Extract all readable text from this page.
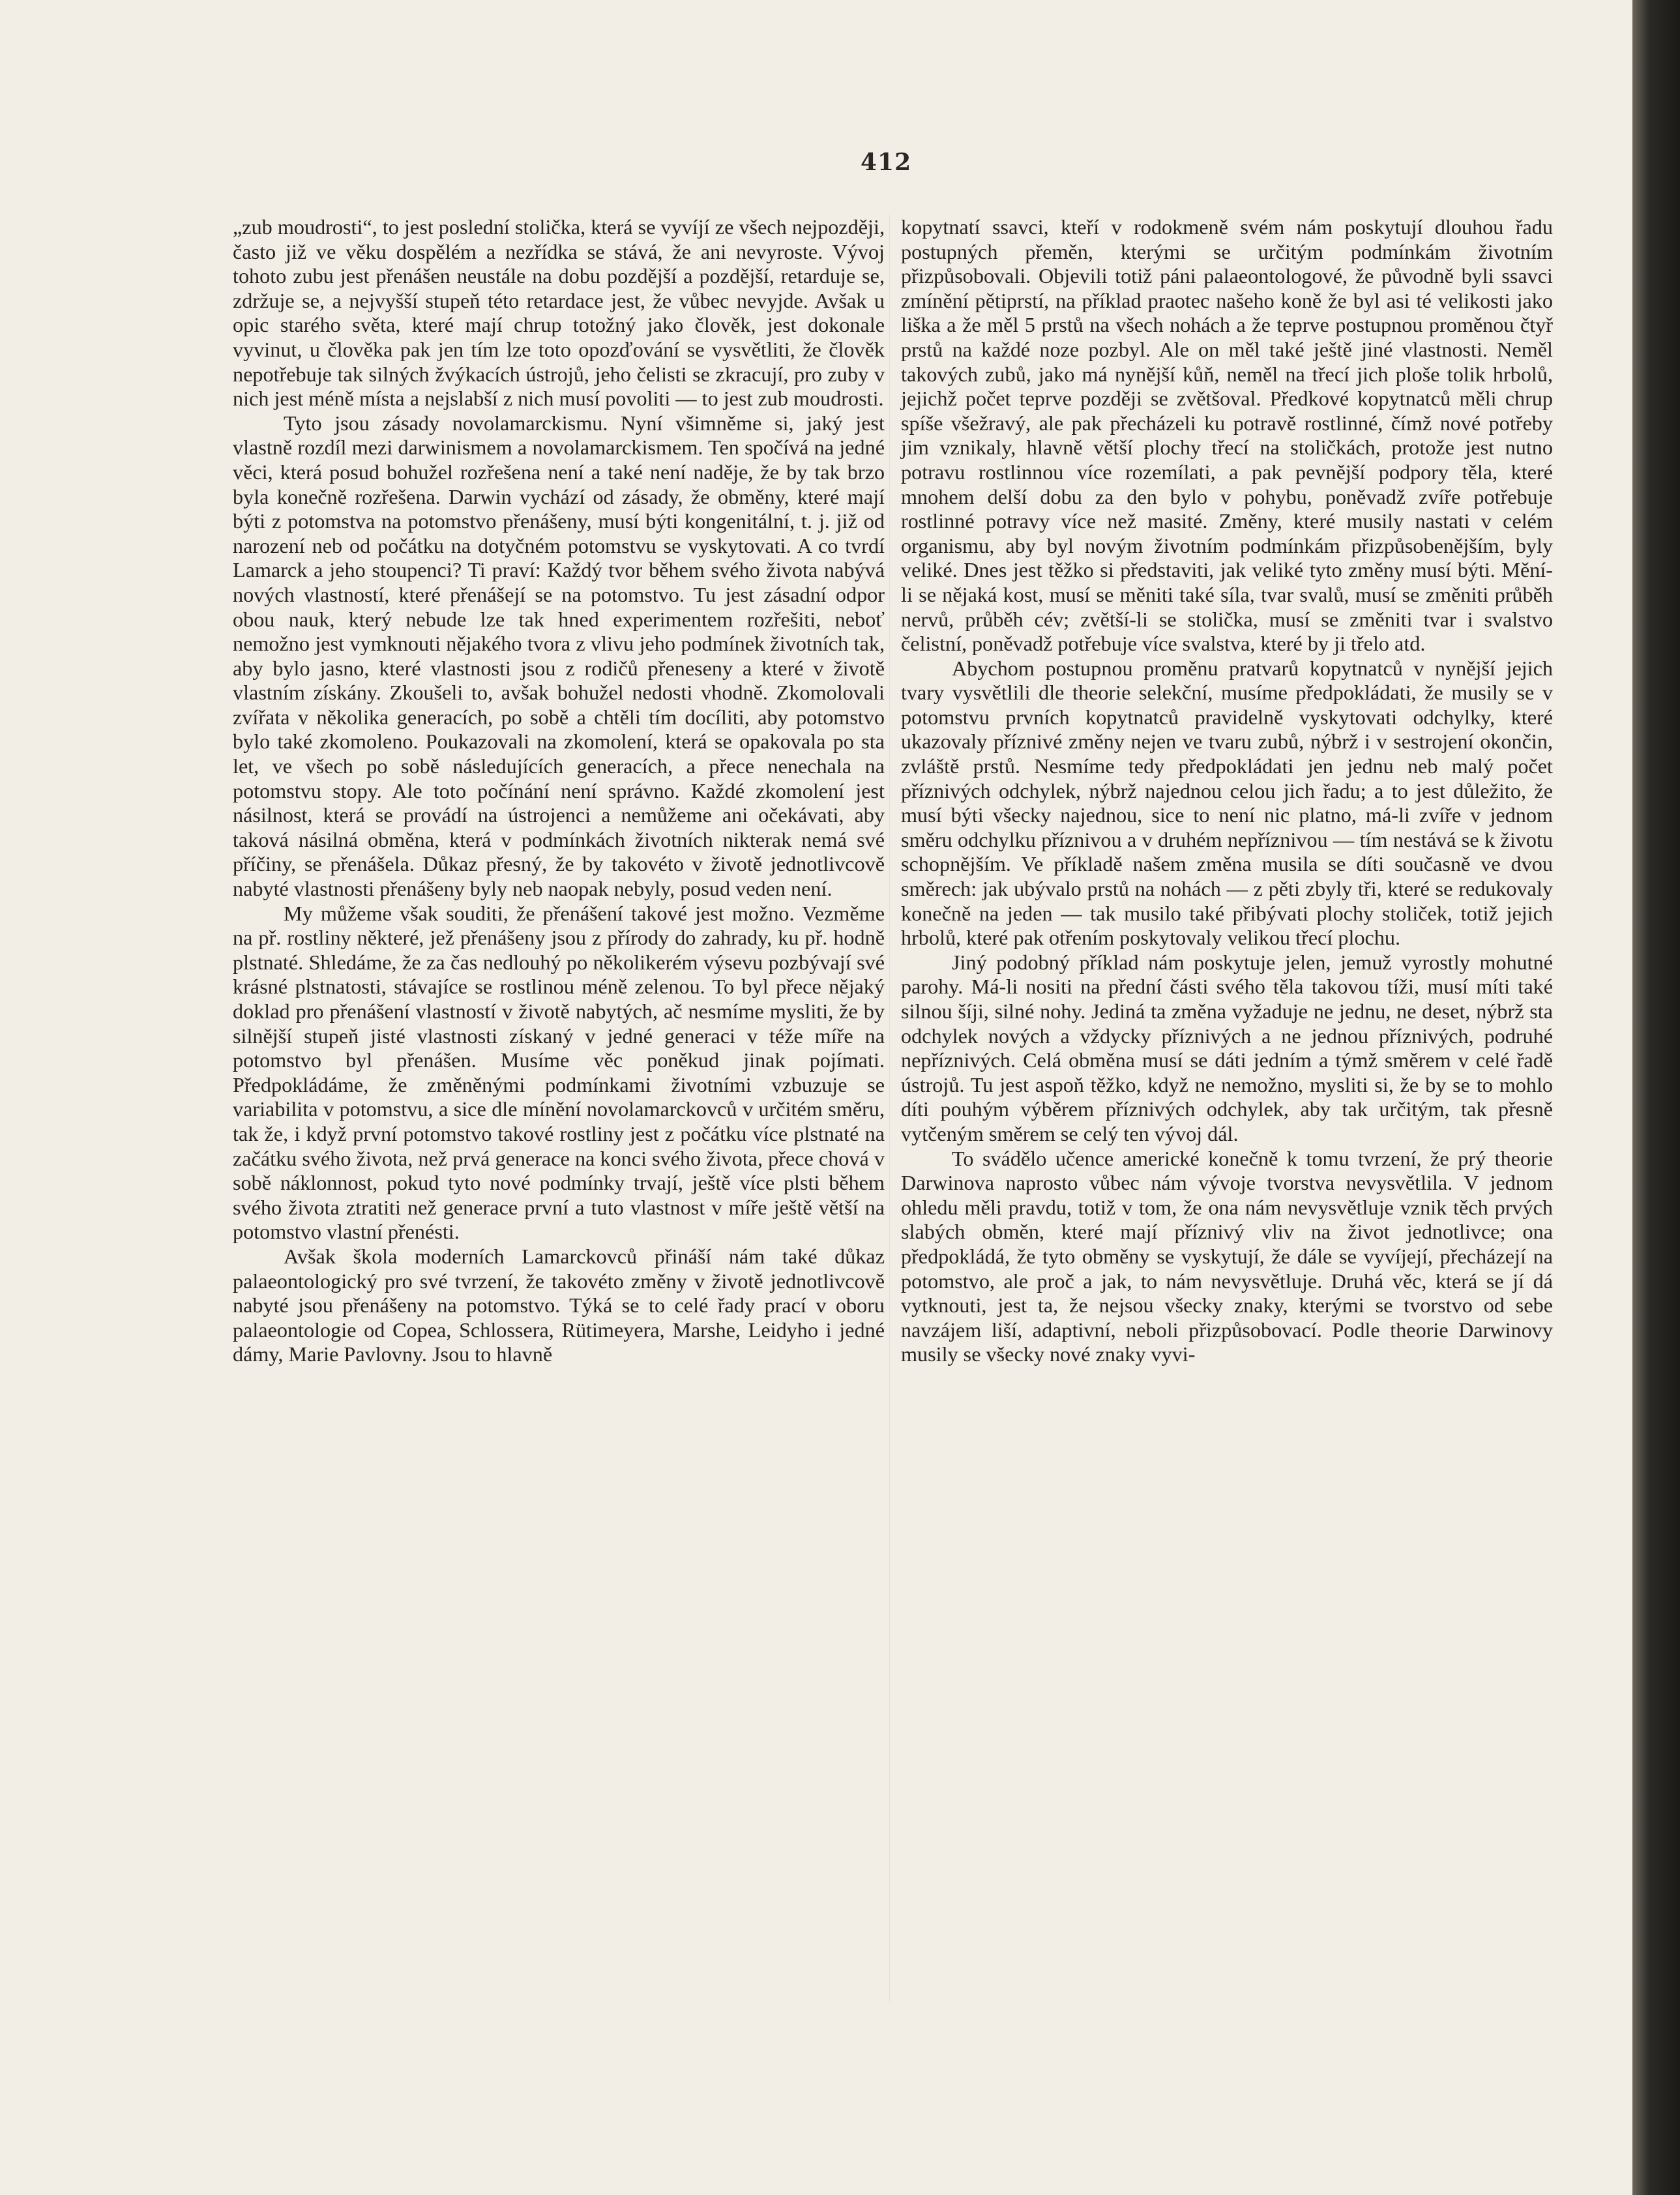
412

„zub moudrosti“, to jest poslední stolička, která se vyvíjí ze všech nejpozději, často již ve věku dospělém a nezřídka se stává, že ani nevyroste. Vývoj tohoto zubu jest přenášen neustále na dobu pozdější a pozdější, retarduje se, zdržuje se, a nejvyšší stupeň této retardace jest, že vůbec nevyjde. Avšak u opic starého světa, které mají chrup totožný jako člověk, jest dokonale vyvinut, u člověka pak jen tím lze toto opozďování se vysvětliti, že člověk nepotřebuje tak silných žvýkacích ústrojů, jeho čelisti se zkracují, pro zuby v nich jest méně místa a nejslabší z nich musí povoliti — to jest zub moudrosti.

Tyto jsou zásady novolamarckismu. Nyní všimněme si, jaký jest vlastně rozdíl mezi darwinismem a novolamarckismem. Ten spočívá na jedné věci, která posud bohužel rozřešena není a také není naděje, že by tak brzo byla konečně rozřešena. Darwin vychází od zásady, že obměny, které mají býti z potomstva na potomstvo přenášeny, musí býti kongenitální, t. j. již od narození neb od počátku na dotyčném potomstvu se vyskytovati. A co tvrdí Lamarck a jeho stoupenci? Ti praví: Každý tvor během svého života nabývá nových vlastností, které přenášejí se na potomstvo. Tu jest zásadní odpor obou nauk, který nebude lze tak hned experimentem rozřešiti, neboť nemožno jest vymknouti nějakého tvora z vlivu jeho podmínek životních tak, aby bylo jasno, které vlastnosti jsou z rodičů přeneseny a které v životě vlastním získány. Zkoušeli to, avšak bohužel nedosti vhodně. Zkomolovali zvířata v několika generacích, po sobě a chtěli tím docíliti, aby potomstvo bylo také zkomoleno. Poukazovali na zkomolení, která se opakovala po sta let, ve všech po sobě následujících generacích, a přece nenechala na potomstvu stopy. Ale toto počínání není správno. Každé zkomolení jest násilnost, která se provádí na ústrojenci a nemůžeme ani očekávati, aby taková násilná obměna, která v podmínkách životních nikterak nemá své příčiny, se přenášela. Důkaz přesný, že by takovéto v životě jednotlivcově nabyté vlastnosti přenášeny byly neb naopak nebyly, posud veden není.

My můžeme však souditi, že přenášení takové jest možno. Vezměme na př. rostliny některé, jež přenášeny jsou z přírody do zahrady, ku př. hodně plstnaté. Shledáme, že za čas nedlouhý po několikerém výsevu pozbývají své krásné plstnatosti, stávajíce se rostlinou méně zelenou. To byl přece nějaký doklad pro přenášení vlastností v životě nabytých, ač nesmíme mysliti, že by silnější stupeň jisté vlastnosti získaný v jedné generaci v téže míře na potomstvo byl přenášen. Musíme věc poněkud jinak pojímati. Předpokládáme, že změněnými podmínkami životními vzbuzuje se variabilita v potomstvu, a sice dle mínění novolamarckovců v určitém směru, tak že, i když první potomstvo takové rostliny jest z počátku více plstnaté na začátku svého života, než prvá generace na konci svého života, přece chová v sobě náklonnost, pokud tyto nové podmínky trvají, ještě více plsti během svého života ztratiti než generace první a tuto vlastnost v míře ještě větší na potomstvo vlastní přenésti.

Avšak škola moderních Lamarckovců přináší nám také důkaz palaeontologický pro své tvrzení, že takovéto změny v životě jednotlivcově nabyté jsou přenášeny na potomstvo. Týká se to celé řady prací v oboru palaeontologie od Copea, Schlossera, Rütimeyera, Marshe, Leidyho i jedné dámy, Marie Pavlovny. Jsou to hlavně

kopytnatí ssavci, kteří v rodokmeně svém nám poskytují dlouhou řadu postupných přeměn, kterými se určitým podmínkám životním přizpůsobovali. Objevili totiž páni palaeontologové, že původně byli ssavci zmínění pětiprstí, na příklad praotec našeho koně že byl asi té velikosti jako liška a že měl 5 prstů na všech nohách a že teprve postupnou proměnou čtyř prstů na každé noze pozbyl. Ale on měl také ještě jiné vlastnosti. Neměl takových zubů, jako má nynější kůň, neměl na třecí jich ploše tolik hrbolů, jejichž počet teprve později se zvětšoval. Předkové kopytnatců měli chrup spíše všežravý, ale pak přecházeli ku potravě rostlinné, čímž nové potřeby jim vznikaly, hlavně větší plochy třecí na stoličkách, protože jest nutno potravu rostlinnou více rozemílati, a pak pevnější podpory těla, které mnohem delší dobu za den bylo v pohybu, poněvadž zvíře potřebuje rostlinné potravy více než masité. Změny, které musily nastati v celém organismu, aby byl novým životním podmínkám přizpůsobenějším, byly veliké. Dnes jest těžko si představiti, jak veliké tyto změny musí býti. Mění-li se nějaká kost, musí se měniti také síla, tvar svalů, musí se změniti průběh nervů, průběh cév; zvětší-li se stolička, musí se změniti tvar i svalstvo čelistní, poněvadž potřebuje více svalstva, které by ji třelo atd.

Abychom postupnou proměnu pratvarů kopytnatců v nynější jejich tvary vysvětlili dle theorie selekční, musíme předpokládati, že musily se v potomstvu prvních kopytnatců pravidelně vyskytovati odchylky, které ukazovaly příznivé změny nejen ve tvaru zubů, nýbrž i v sestrojení okončin, zvláště prstů. Nesmíme tedy předpokládati jen jednu neb malý počet příznivých odchylek, nýbrž najednou celou jich řadu; a to jest důležito, že musí býti všecky najednou, sice to není nic platno, má-li zvíře v jednom směru odchylku příznivou a v druhém nepříznivou — tím nestává se k životu schopnějším. Ve příkladě našem změna musila se díti současně ve dvou směrech: jak ubývalo prstů na nohách — z pěti zbyly tři, které se redukovaly konečně na jeden — tak musilo také přibývati plochy stoliček, totiž jejich hrbolů, které pak otřením poskytovaly velikou třecí plochu.

Jiný podobný příklad nám poskytuje jelen, jemuž vyrostly mohutné parohy. Má-li nositi na přední části svého těla takovou tíži, musí míti také silnou šíji, silné nohy. Jediná ta změna vyžaduje ne jednu, ne deset, nýbrž sta odchylek nových a vždycky příznivých a ne jednou příznivých, podruhé nepříznivých. Celá obměna musí se dáti jedním a týmž směrem v celé řadě ústrojů. Tu jest aspoň těžko, když ne nemožno, mysliti si, že by se to mohlo díti pouhým výběrem příznivých odchylek, aby tak určitým, tak přesně vytčeným směrem se celý ten vývoj dál.

To svádělo učence americké konečně k tomu tvrzení, že prý theorie Darwinova naprosto vůbec nám vývoje tvorstva nevysvětlila. V jednom ohledu měli pravdu, totiž v tom, že ona nám nevysvětluje vznik těch prvých slabých obměn, které mají příznivý vliv na život jednotlivce; ona předpokládá, že tyto obměny se vyskytují, že dále se vyvíjejí, přecházejí na potomstvo, ale proč a jak, to nám nevysvětluje. Druhá věc, která se jí dá vytknouti, jest ta, že nejsou všecky znaky, kterými se tvorstvo od sebe navzájem liší, adaptivní, neboli přizpůsobovací. Podle theorie Darwinovy musily se všecky nové znaky vyvi-
